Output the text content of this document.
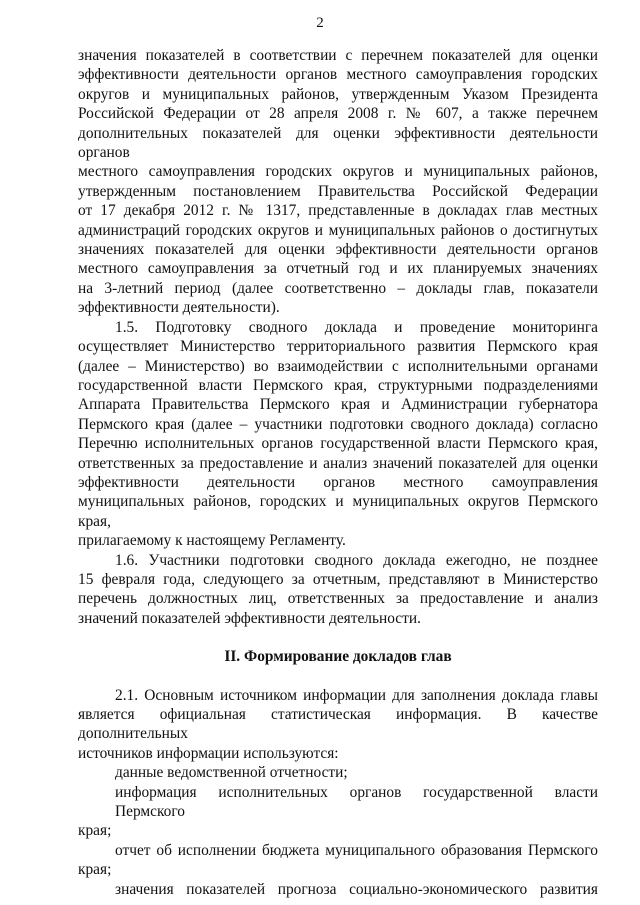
2

значения показателей в соответствии с перечнем показателей для оценки
эффективности деятельности органов местного самоуправления городских
округов и муниципальных районов, утвержденным Указом Президента
Российской Федерации от 28 апреля 2008 г. № 607, а также перечнем
дополнительных показателей для оценки эффективности деятельности органов
местного самоуправления городских округов и муниципальных районов,
утвержденным постановлением Правительства Российской Федерации
от 17 декабря 2012 г. № 1317, представленные в докладах глав местных
администраций городских округов и муниципальных районов о достигнутых
значениях показателей для оценки эффективности деятельности органов
местного самоуправления за отчетный год и их планируемых значениях
на 3-летний период (далее соответственно – доклады глав, показатели
эффективности деятельности).

1.5. Подготовку сводного доклада и проведение мониторинга
осуществляет Министерство территориального развития Пермского края
(далее – Министерство) во взаимодействии с исполнительными органами
государственной власти Пермского края, структурными подразделениями
Аппарата Правительства Пермского края и Администрации губернатора
Пермского края (далее – участники подготовки сводного доклада) согласно
Перечню исполнительных органов государственной власти Пермского края,
ответственных за предоставление и анализ значений показателей для оценки
эффективности деятельности органов местного самоуправления
муниципальных районов, городских и муниципальных округов Пермского края,
прилагаемому к настоящему Регламенту.

1.6. Участники подготовки сводного доклада ежегодно, не позднее
15 февраля года, следующего за отчетным, представляют в Министерство
перечень должностных лиц, ответственных за предоставление и анализ
значений показателей эффективности деятельности.

II. Формирование докладов глав

2.1. Основным источником информации для заполнения доклада главы
является официальная статистическая информация. В качестве дополнительных
источников информации используются:

данные ведомственной отчетности;

информация исполнительных органов государственной власти Пермского
края;

отчет об исполнении бюджета муниципального образования Пермского
края;

значения показателей прогноза социально-экономического развития
